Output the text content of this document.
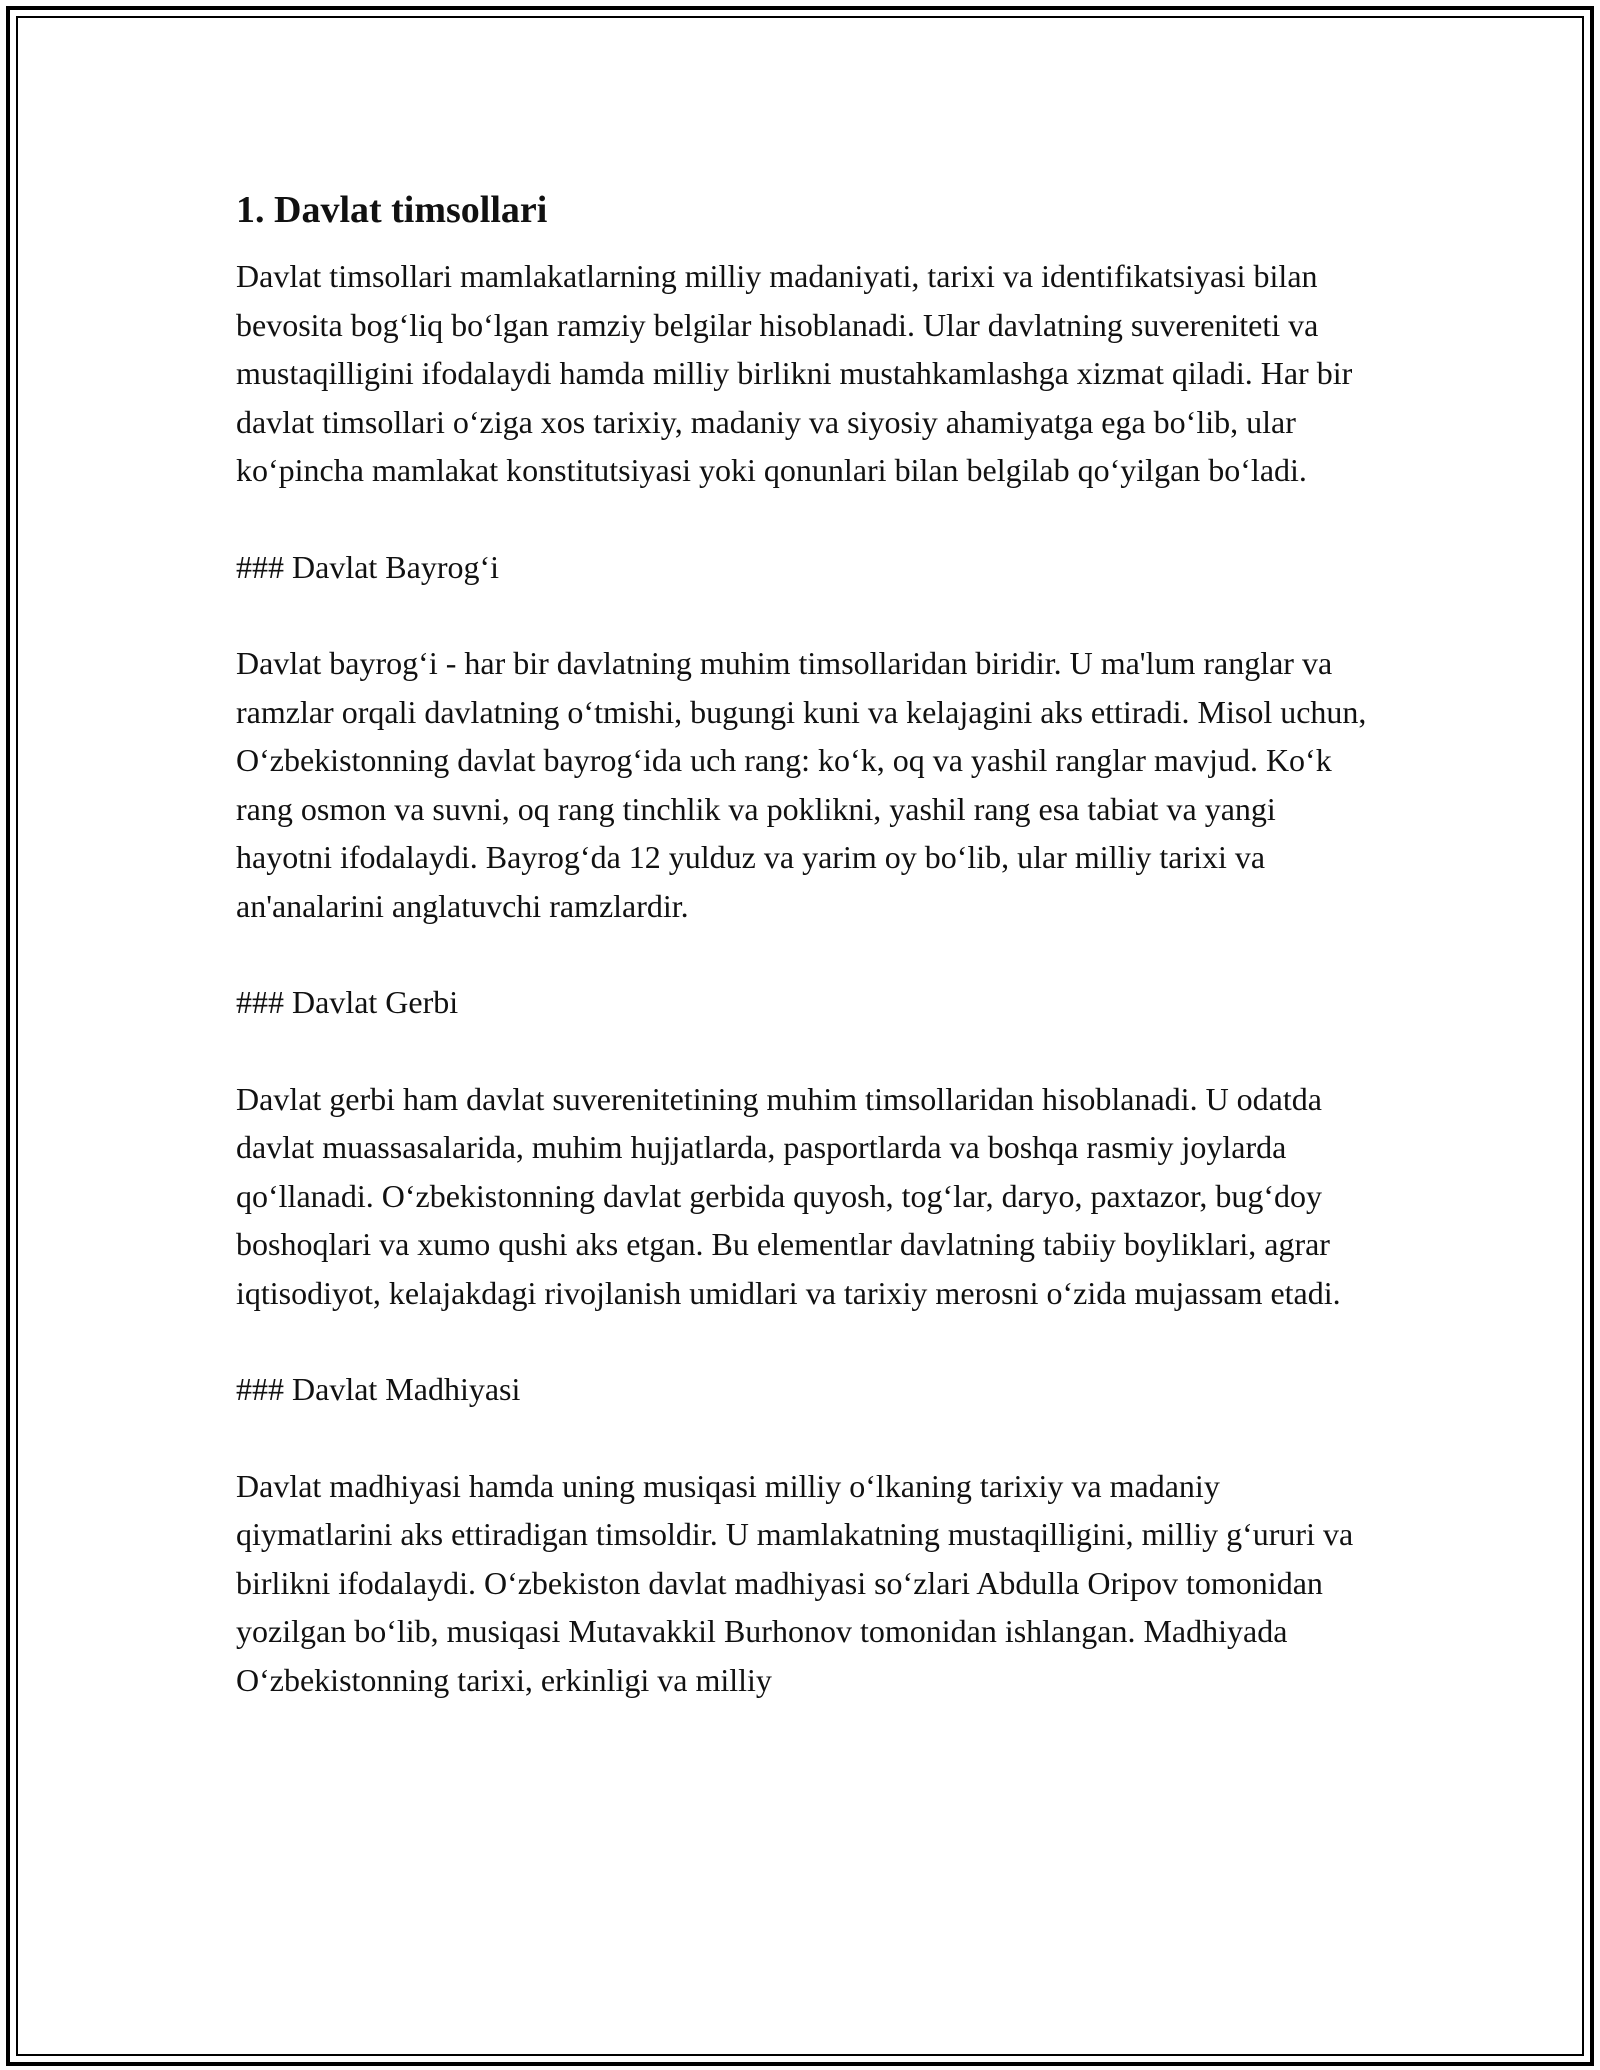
1. Davlat timsollari

Davlat timsollari mamlakatlarning milliy madaniyati, tarixi va identifikatsiyasi bilan bevosita bog‘liq bo‘lgan ramziy belgilar hisoblanadi. Ular davlatning suvereniteti va mustaqilligini ifodalaydi hamda milliy birlikni mustahkamlashga xizmat qiladi. Har bir davlat timsollari o‘ziga xos tarixiy, madaniy va siyosiy ahamiyatga ega bo‘lib, ular ko‘pincha mamlakat konstitutsiyasi yoki qonunlari bilan belgilab qo‘yilgan bo‘ladi.

### Davlat Bayrog‘i

Davlat bayrog‘i - har bir davlatning muhim timsollaridan biridir. U ma'lum ranglar va ramzlar orqali davlatning o‘tmishi, bugungi kuni va kelajagini aks ettiradi. Misol uchun, O‘zbekistonning davlat bayrog‘ida uch rang: ko‘k, oq va yashil ranglar mavjud. Ko‘k rang osmon va suvni, oq rang tinchlik va poklikni, yashil rang esa tabiat va yangi hayotni ifodalaydi. Bayrog‘da 12 yulduz va yarim oy bo‘lib, ular milliy tarixi va an'analarini anglatuvchi ramzlardir.

### Davlat Gerbi

Davlat gerbi ham davlat suverenitetining muhim timsollaridan hisoblanadi. U odatda davlat muassasalarida, muhim hujjatlarda, pasportlarda va boshqa rasmiy joylarda qo‘llanadi. O‘zbekistonning davlat gerbida quyosh, tog‘lar, daryo, paxtazor, bug‘doy boshoqlari va xumo qushi aks etgan. Bu elementlar davlatning tabiiy boyliklari, agrar iqtisodiyot, kelajakdagi rivojlanish umidlari va tarixiy merosni o‘zida mujassam etadi.

### Davlat Madhiyasi

Davlat madhiyasi hamda uning musiqasi milliy o‘lkaning tarixiy va madaniy qiymatlarini aks ettiradigan timsoldir. U mamlakatning mustaqilligini, milliy g‘ururi va birlikni ifodalaydi. O‘zbekiston davlat madhiyasi so‘zlari Abdulla Oripov tomonidan yozilgan bo‘lib, musiqasi Mutavakkil Burhonov tomonidan ishlangan. Madhiyada O‘zbekistonning tarixi, erkinligi va milliy
